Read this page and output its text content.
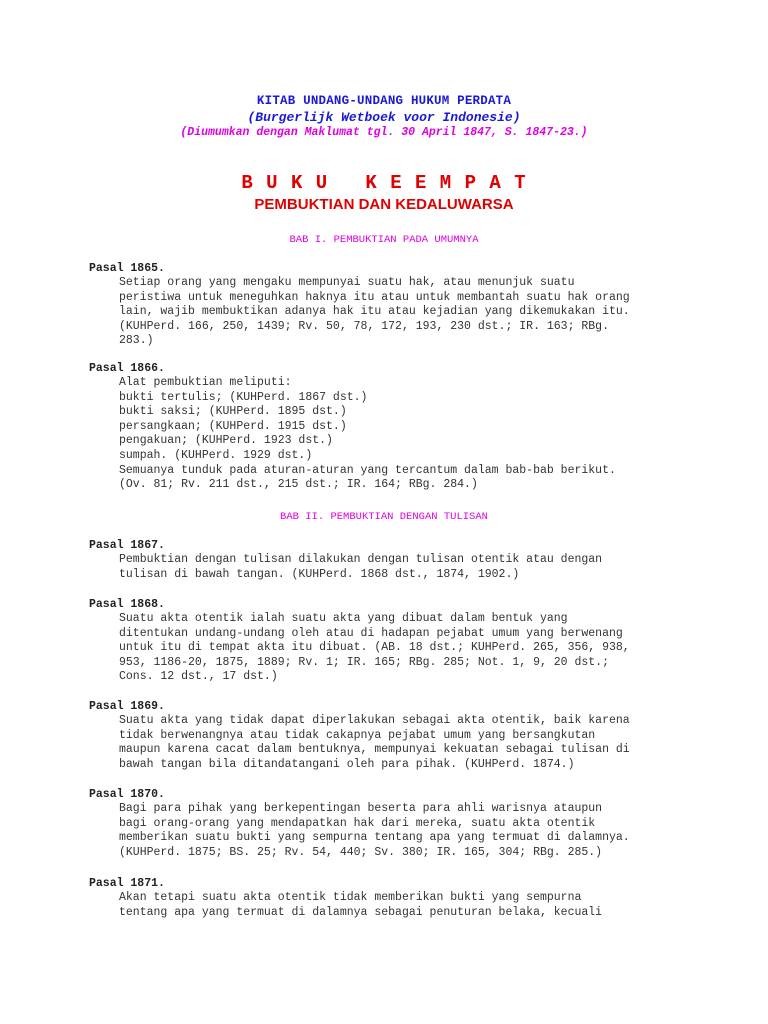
KITAB UNDANG-UNDANG HUKUM PERDATA
(Burgerlijk Wetboek voor Indonesie)
(Diumumkan dengan Maklumat tgl. 30 April 1847, S. 1847-23.)
B U K U   K E E M P A T
PEMBUKTIAN DAN KEDALUWARSA
BAB I. PEMBUKTIAN PADA UMUMNYA
Pasal 1865.
Setiap orang yang mengaku mempunyai suatu hak, atau menunjuk suatu
peristiwa untuk meneguhkan haknya itu atau untuk membantah suatu hak orang
lain, wajib membuktikan adanya hak itu atau kejadian yang dikemukakan itu.
(KUHPerd. 166, 250, 1439; Rv. 50, 78, 172, 193, 230 dst.; IR. 163; RBg.
283.)
Pasal 1866.
Alat pembuktian meliputi:
bukti tertulis; (KUHPerd. 1867 dst.)
bukti saksi; (KUHPerd. 1895 dst.)
persangkaan; (KUHPerd. 1915 dst.)
pengakuan; (KUHPerd. 1923 dst.)
sumpah. (KUHPerd. 1929 dst.)
Semuanya tunduk pada aturan-aturan yang tercantum dalam bab-bab berikut.
(Ov. 81; Rv. 211 dst., 215 dst.; IR. 164; RBg. 284.)
BAB II. PEMBUKTIAN DENGAN TULISAN
Pasal 1867.
Pembuktian dengan tulisan dilakukan dengan tulisan otentik atau dengan
tulisan di bawah tangan. (KUHPerd. 1868 dst., 1874, 1902.)
Pasal 1868.
Suatu akta otentik ialah suatu akta yang dibuat dalam bentuk yang
ditentukan undang-undang oleh atau di hadapan pejabat umum yang berwenang
untuk itu di tempat akta itu dibuat. (AB. 18 dst.; KUHPerd. 265, 356, 938,
953, 1186-20, 1875, 1889; Rv. 1; IR. 165; RBg. 285; Not. 1, 9, 20 dst.;
Cons. 12 dst., 17 dst.)
Pasal 1869.
Suatu akta yang tidak dapat diperlakukan sebagai akta otentik, baik karena
tidak berwenangnya atau tidak cakapnya pejabat umum yang bersangkutan
maupun karena cacat dalam bentuknya, mempunyai kekuatan sebagai tulisan di
bawah tangan bila ditandatangani oleh para pihak. (KUHPerd. 1874.)
Pasal 1870.
Bagi para pihak yang berkepentingan beserta para ahli warisnya ataupun
bagi orang-orang yang mendapatkan hak dari mereka, suatu akta otentik
memberikan suatu bukti yang sempurna tentang apa yang termuat di dalamnya.
(KUHPerd. 1875; BS. 25; Rv. 54, 440; Sv. 380; IR. 165, 304; RBg. 285.)
Pasal 1871.
Akan tetapi suatu akta otentik tidak memberikan bukti yang sempurna
tentang apa yang termuat di dalamnya sebagai penuturan belaka, kecuali
